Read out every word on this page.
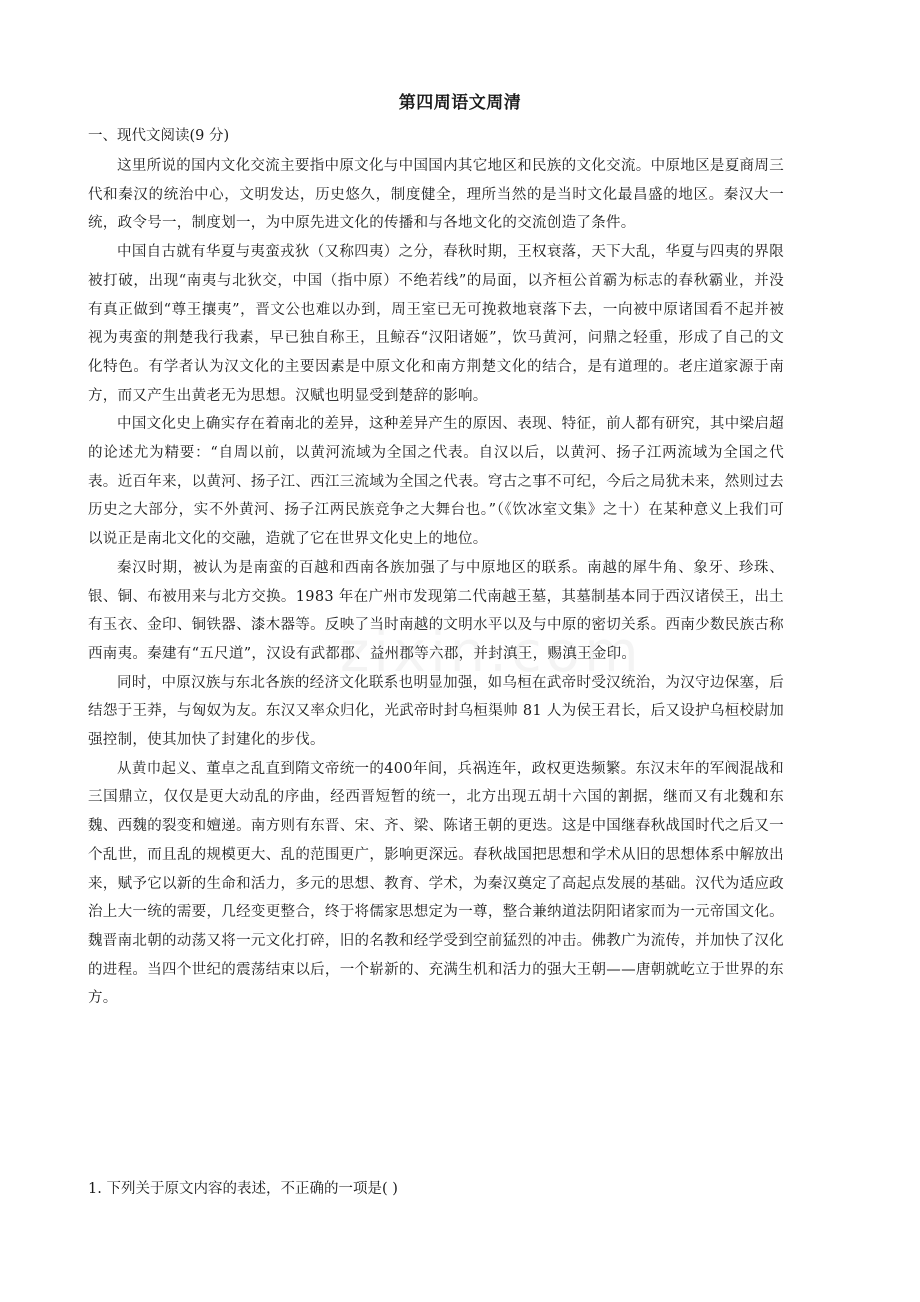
第四周语文周清
一、现代文阅读(9 分)

这里所说的国内文化交流主要指中原文化与中国国内其它地区和民族的文化交流。中原地区是夏商周三代和秦汉的统治中心，文明发达，历史悠久，制度健全，理所当然的是当时文化最昌盛的地区。秦汉大一统，政令号一，制度划一，为中原先进文化的传播和与各地文化的交流创造了条件。

中国自古就有华夏与夷蛮戎狄（又称四夷）之分，春秋时期，王权衰落，天下大乱，华夏与四夷的界限被打破，出现“南夷与北狄交，中国（指中原）不绝若线”的局面，以齐桓公首霸为标志的春秋霸业，并没有真正做到“尊王攘夷”，晋文公也难以办到，周王室已无可挽救地衰落下去，一向被中原诸国看不起并被视为夷蛮的荆楚我行我素，早已独自称王，且鲸吞“汉阳诸姬”，饮马黄河，问鼎之轻重，形成了自己的文化特色。有学者认为汉文化的主要因素是中原文化和南方荆楚文化的结合，是有道理的。老庄道家源于南方，而又产生出黄老无为思想。汉赋也明显受到楚辞的影响。

中国文化史上确实存在着南北的差异，这种差异产生的原因、表现、特征，前人都有研究，其中梁启超的论述尤为精要：“自周以前，以黄河流域为全国之代表。自汉以后，以黄河、扬子江两流域为全国之代表。近百年来，以黄河、扬子江、西江三流域为全国之代表。穹古之事不可纪，今后之局犹未来，然则过去历史之大部分，实不外黄河、扬子江两民族竞争之大舞台也。”（《饮冰室文集》之十）在某种意义上我们可以说正是南北文化的交融，造就了它在世界文化史上的地位。

秦汉时期，被认为是南蛮的百越和西南各族加强了与中原地区的联系。南越的犀牛角、象牙、珍珠、银、铜、布被用来与北方交换。1983 年在广州市发现第二代南越王墓，其墓制基本同于西汉诸侯王，出土有玉衣、金印、铜铁器、漆木器等。反映了当时南越的文明水平以及与中原的密切关系。西南少数民族古称西南夷。秦建有“五尺道”，汉设有武都郡、益州郡等六郡，并封滇王，赐滇王金印。

同时，中原汉族与东北各族的经济文化联系也明显加强，如乌桓在武帝时受汉统治，为汉守边保塞，后结怨于王莽，与匈奴为友。东汉又率众归化，光武帝时封乌桓渠帅 81 人为侯王君长，后又设护乌桓校尉加强控制，使其加快了封建化的步伐。

从黄巾起义、董卓之乱直到隋文帝统一的400年间，兵祸连年，政权更迭频繁。东汉末年的军阀混战和三国鼎立，仅仅是更大动乱的序曲，经西晋短暂的统一，北方出现五胡十六国的割据，继而又有北魏和东魏、西魏的裂变和嬗递。南方则有东晋、宋、齐、梁、陈诸王朝的更迭。这是中国继春秋战国时代之后又一个乱世，而且乱的规模更大、乱的范围更广，影响更深远。春秋战国把思想和学术从旧的思想体系中解放出来，赋予它以新的生命和活力，多元的思想、教育、学术，为秦汉奠定了高起点发展的基础。汉代为适应政治上大一统的需要，几经变更整合，终于将儒家思想定为一尊，整合兼纳道法阴阳诸家而为一元帝国文化。魏晋南北朝的动荡又将一元文化打碎，旧的名教和经学受到空前猛烈的冲击。佛教广为流传，并加快了汉化的进程。当四个世纪的震荡结束以后，一个崭新的、充满生机和活力的强大王朝——唐朝就屹立于世界的东方。

1. 下列关于原文内容的表述，不正确的一项是( )
